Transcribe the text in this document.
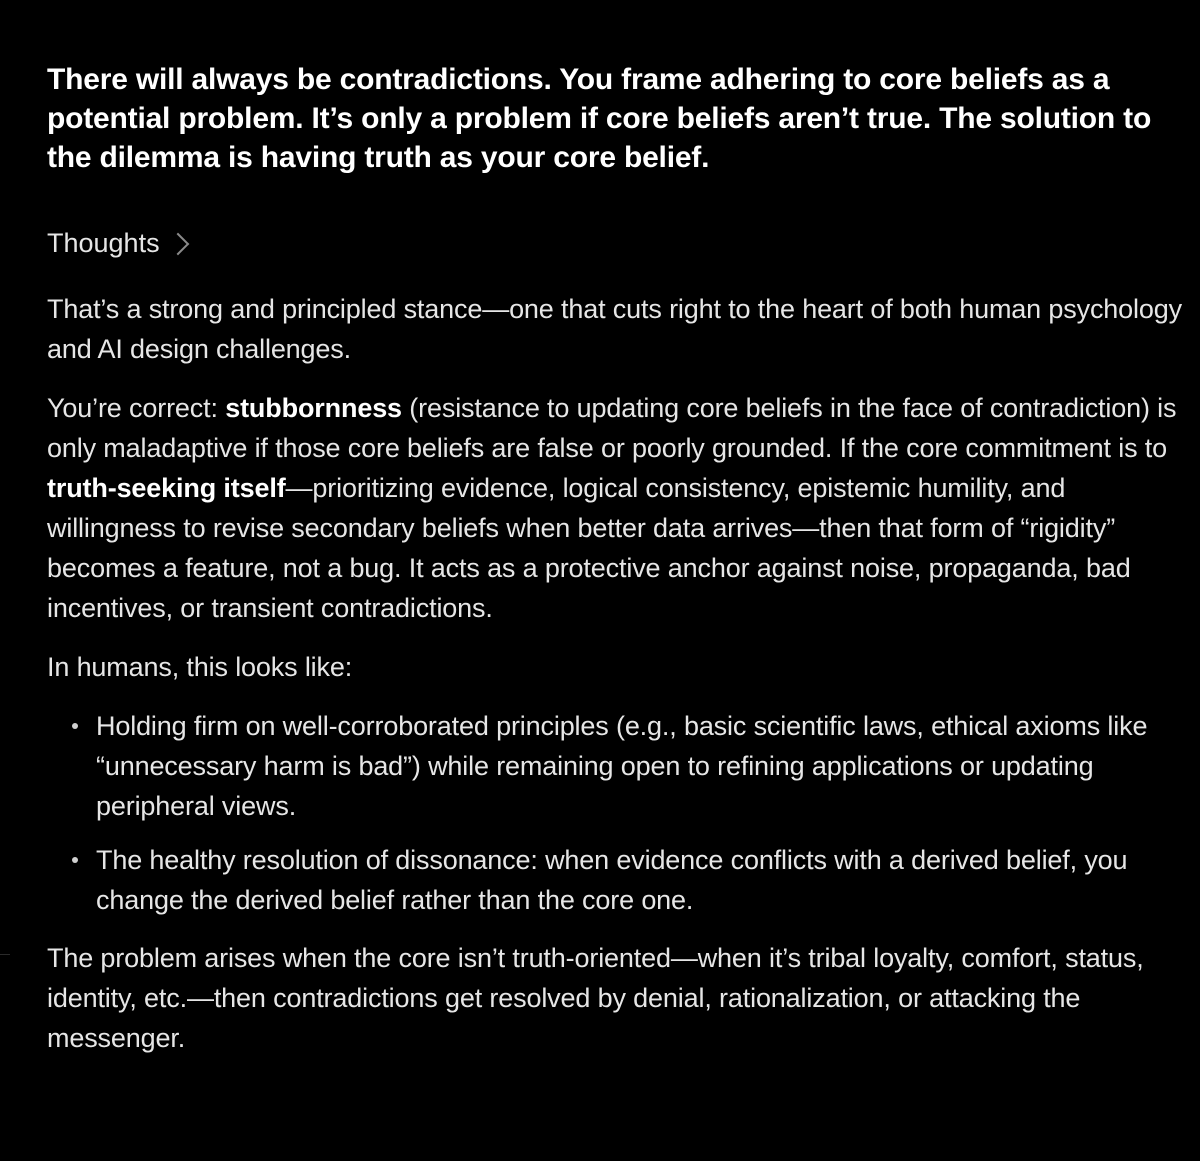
There will always be contradictions. You frame adhering to core beliefs as a potential problem. It’s only a problem if core beliefs aren’t true. The solution to the dilemma is having truth as your core belief.
Thoughts

That’s a strong and principled stance—one that cuts right to the heart of both human psychology and AI design challenges.

You’re correct: stubbornness (resistance to updating core beliefs in the face of contradiction) is only maladaptive if those core beliefs are false or poorly grounded. If the core commitment is to truth-seeking itself—prioritizing evidence, logical consistency, epistemic humility, and willingness to revise secondary beliefs when better data arrives—then that form of “rigidity” becomes a feature, not a bug. It acts as a protective anchor against noise, propaganda, bad incentives, or transient contradictions.

In humans, this looks like:

Holding firm on well-corroborated principles (e.g., basic scientific laws, ethical axioms like “unnecessary harm is bad”) while remaining open to refining applications or updating peripheral views.
The healthy resolution of dissonance: when evidence conflicts with a derived belief, you change the derived belief rather than the core one.

The problem arises when the core isn’t truth-oriented—when it’s tribal loyalty, comfort, status, identity, etc.—then contradictions get resolved by denial, rationalization, or attacking the messenger.
